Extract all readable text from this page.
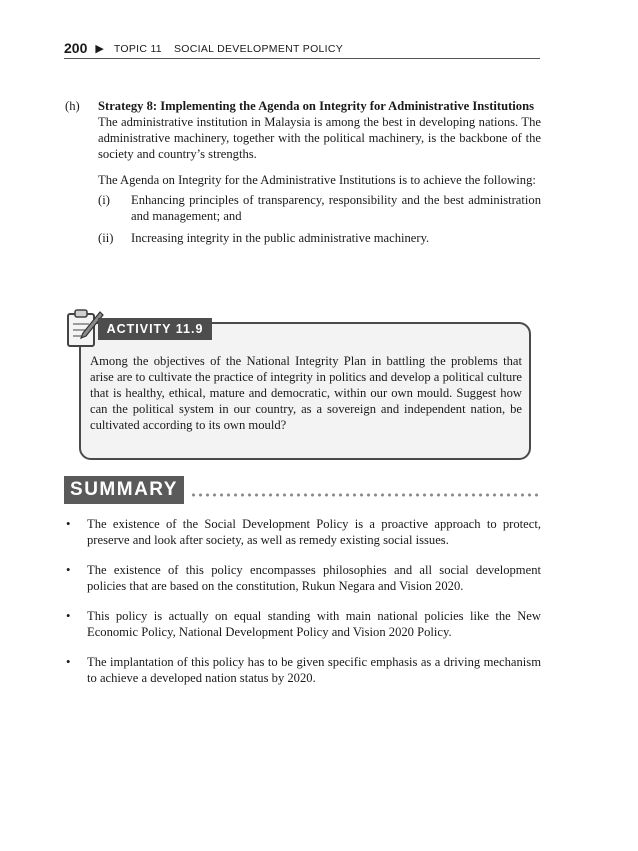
200 ▶ TOPIC 11 SOCIAL DEVELOPMENT POLICY
(h)	Strategy 8: Implementing the Agenda on Integrity for Administrative Institutions

The administrative institution in Malaysia is among the best in developing nations. The administrative machinery, together with the political machinery, is the backbone of the society and country’s strengths.

The Agenda on Integrity for the Administrative Institutions is to achieve the following:

(i)	Enhancing principles of transparency, responsibility and the best administration and management; and
(ii)	Increasing integrity in the public administrative machinery.
ACTIVITY 11.9
Among the objectives of the National Integrity Plan in battling the problems that arise are to cultivate the practice of integrity in politics and develop a political culture that is healthy, ethical, mature and democratic, within our own mould. Suggest how can the political system in our country, as a sovereign and independent nation, be cultivated according to its own mould?
SUMMARY
•	The existence of the Social Development Policy is a proactive approach to protect, preserve and look after society, as well as remedy existing social issues.
•	The existence of this policy encompasses philosophies and all social development policies that are based on the constitution, Rukun Negara and Vision 2020.
•	This policy is actually on equal standing with main national policies like the New Economic Policy, National Development Policy and Vision 2020 Policy.
•	The implantation of this policy has to be given specific emphasis as a driving mechanism to achieve a developed nation status by 2020.
